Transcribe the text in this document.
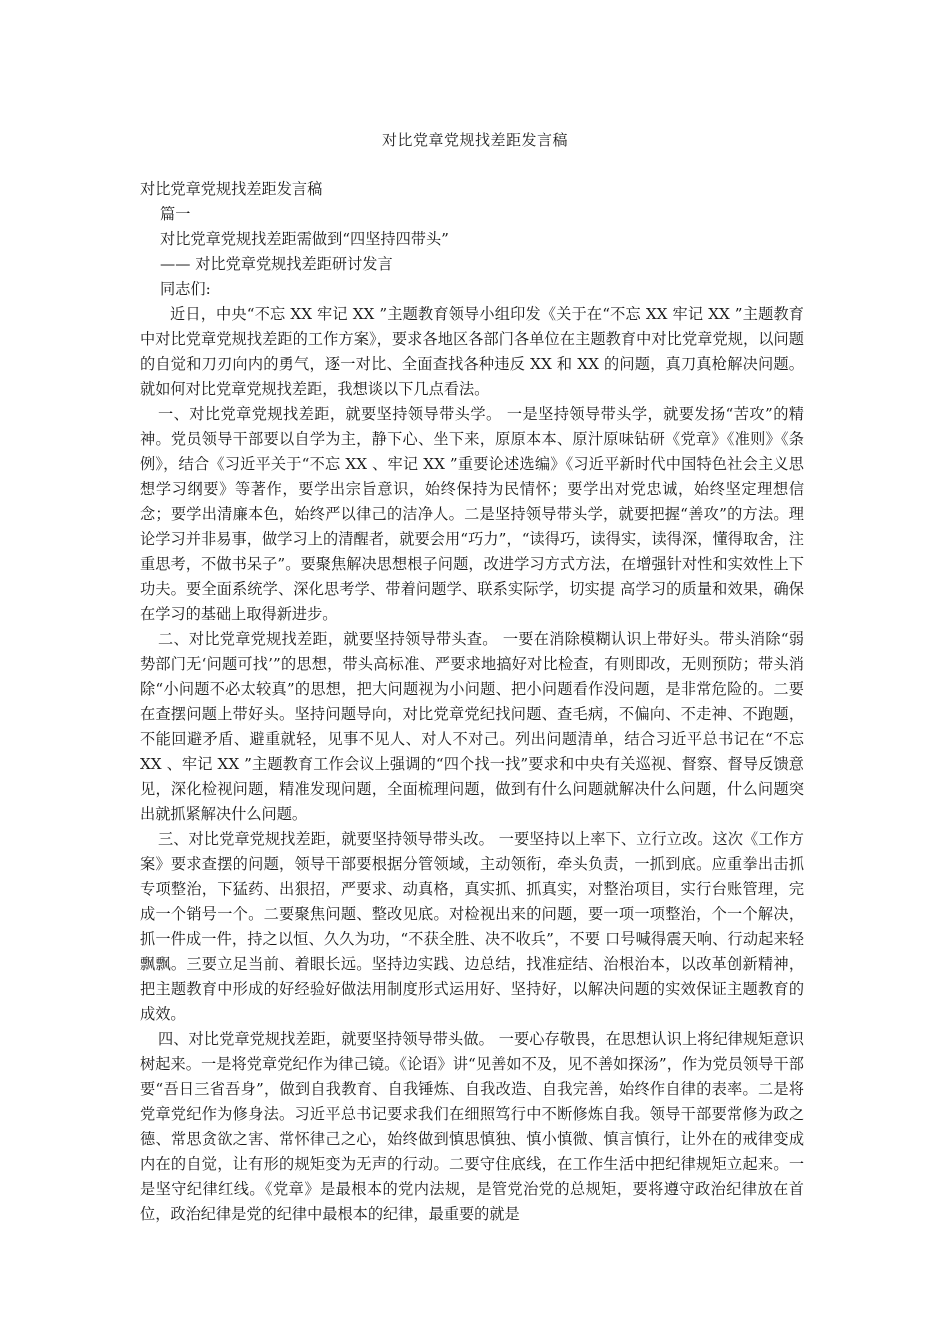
对比党章党规找差距发言稿

对比党章党规找差距发言稿

篇一

对比党章党规找差距需做到“四坚持四带头”

—— 对比党章党规找差距研讨发言

同志们:

近日，中央“不忘 XX 牢记 XX ”主题教育领导小组印发《关于在“不忘 XX 牢记 XX ”主题教育中对比党章党规找差距的工作方案》，要求各地区各部门各单位在主题教育中对比党章党规，以问题的自觉和刀刃向内的勇气，逐一对比、全面查找各种违反 XX 和 XX 的问题，真刀真枪解决问题。就如何对比党章党规找差距，我想谈以下几点看法。

一、对比党章党规找差距，就要坚持领导带头学。 一是坚持领导带头学，就要发扬“苦攻”的精神。党员领导干部要以自学为主，静下心、坐下来，原原本本、原汁原味钻研《党章》《准则》《条例》，结合《习近平关于“不忘 XX 、牢记 XX ”重要论述选编》《习近平新时代中国特色社会主义思想学习纲要》等著作，要学出宗旨意识，始终保持为民情怀；要学出对党忠诚，始终坚定理想信念；要学出清廉本色，始终严以律己的洁净人。二是坚持领导带头学，就要把握“善攻”的方法。理论学习并非易事，做学习上的清醒者，就要会用“巧力”，“读得巧，读得实，读得深，懂得取舍，注重思考，不做书呆子”。要聚焦解决思想根子问题，改进学习方式方法，在增强针对性和实效性上下功夫。要全面系统学、深化思考学、带着问题学、联系实际学，切实提 高学习的质量和效果，确保在学习的基础上取得新进步。

二、对比党章党规找差距，就要坚持领导带头查。 一要在消除模糊认识上带好头。带头消除“弱势部门无‘问题可找’”的思想，带头高标准、严要求地搞好对比检查，有则即改，无则预防；带头消除“小问题不必太较真”的思想，把大问题视为小问题、把小问题看作没问题，是非常危险的。二要在查摆问题上带好头。坚持问题导向，对比党章党纪找问题、查毛病，不偏向、不走神、不跑题，不能回避矛盾、避重就轻，见事不见人、对人不对己。列出问题清单，结合习近平总书记在“不忘 XX 、牢记 XX ”主题教育工作会议上强调的“四个找一找”要求和中央有关巡视、督察、督导反馈意见，深化检视问题，精准发现问题，全面梳理问题，做到有什么问题就解决什么问题，什么问题突出就抓紧解决什么问题。

三、对比党章党规找差距，就要坚持领导带头改。 一要坚持以上率下、立行立改。这次《工作方案》要求查摆的问题，领导干部要根据分管领域，主动领衔，牵头负责，一抓到底。应重拳出击抓专项整治，下猛药、出狠招，严要求、动真格，真实抓、抓真实，对整治项目，实行台账管理，完成一个销号一个。二要聚焦问题、整改见底。对检视出来的问题，要一项一项整治，个一个解决，抓一件成一件，持之以恒、久久为功，“不获全胜、决不收兵”，不要 口号喊得震天响、行动起来轻飘飘。三要立足当前、着眼长远。坚持边实践、边总结，找准症结、治根治本，以改革创新精神，把主题教育中形成的好经验好做法用制度形式运用好、坚持好，以解决问题的实效保证主题教育的成效。

四、对比党章党规找差距，就要坚持领导带头做。 一要心存敬畏，在思想认识上将纪律规矩意识树起来。一是将党章党纪作为律己镜。《论语》讲“见善如不及，见不善如探汤”，作为党员领导干部要“吾日三省吾身”，做到自我教育、自我锤炼、自我改造、自我完善，始终作自律的表率。二是将党章党纪作为修身法。习近平总书记要求我们在细照笃行中不断修炼自我。领导干部要常修为政之德、常思贪欲之害、常怀律己之心，始终做到慎思慎独、慎小慎微、慎言慎行，让外在的戒律变成内在的自觉，让有形的规矩变为无声的行动。二要守住底线，在工作生活中把纪律规矩立起来。一是坚守纪律红线。《党章》是最根本的党内法规，是管党治党的总规矩，要将遵守政治纪律放在首位，政治纪律是党的纪律中最根本的纪律，最重要的就是
